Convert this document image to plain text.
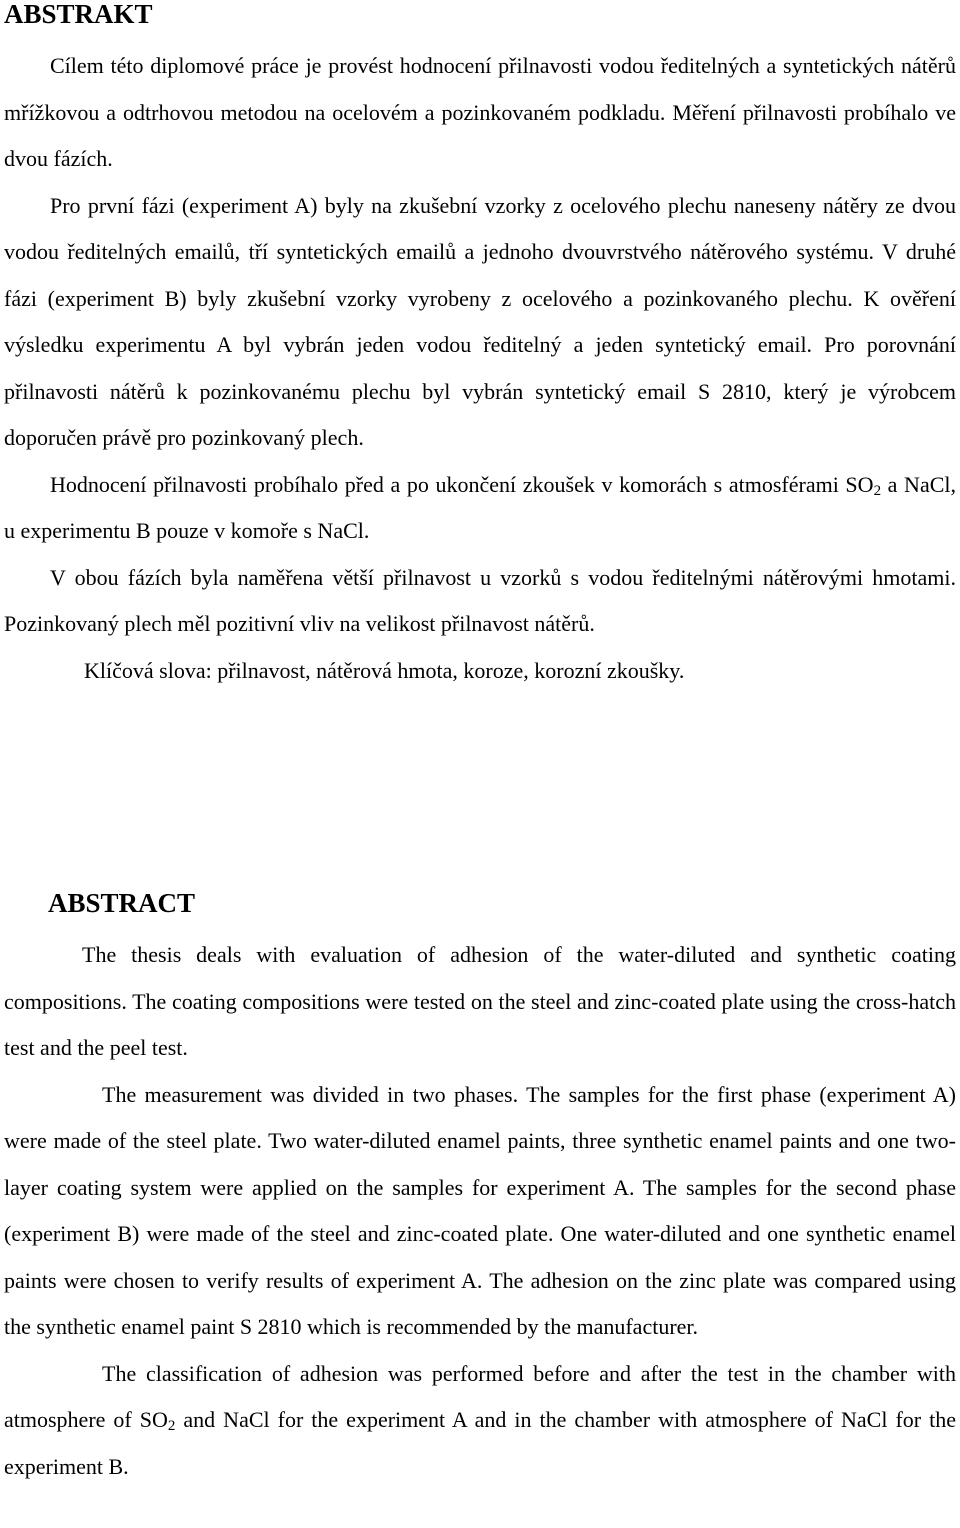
ABSTRAKT

Cílem této diplomové práce je provést hodnocení přilnavosti vodou ředitelných a syntetických nátěrů mřížkovou a odtrhovou metodou na ocelovém a pozinkovaném podkladu. Měření přilnavosti probíhalo ve dvou fázích.

Pro první fázi (experiment A) byly na zkušební vzorky z ocelového plechu naneseny nátěry ze dvou vodou ředitelných emailů, tří syntetických emailů a jednoho dvouvrstvého nátěrového systému. V druhé fázi (experiment B) byly zkušební vzorky vyrobeny z ocelového a pozinkovaného plechu. K ověření výsledku experimentu A byl vybrán jeden vodou ředitelný a jeden syntetický email. Pro porovnání přilnavosti nátěrů k pozinkovanému plechu byl vybrán syntetický email S 2810, který je výrobcem doporučen právě pro pozinkovaný plech.

Hodnocení přilnavosti probíhalo před a po ukončení zkoušek v komorách s atmosférami $SO_2$ a NaCl, u experimentu B pouze v komoře s NaCl.

V obou fázích byla naměřena větší přilnavost u vzorků s vodou ředitelnými nátěrovými hmotami. Pozinkovaný plech měl pozitivní vliv na velikost přilnavost nátěrů.

Klíčová slova: přilnavost, nátěrová hmota, koroze, korozní zkoušky.

ABSTRACT

The thesis deals with evaluation of adhesion of the water-diluted and synthetic coating compositions. The coating compositions were tested on the steel and zinc-coated plate using the cross-hatch test and the peel test.

The measurement was divided in two phases. The samples for the first phase (experiment A) were made of the steel plate. Two water-diluted enamel paints, three synthetic enamel paints and one two-layer coating system were applied on the samples for experiment A. The samples for the second phase (experiment B) were made of the steel and zinc-coated plate. One water-diluted and one synthetic enamel paints were chosen to verify results of experiment A. The adhesion on the zinc plate was compared using the synthetic enamel paint S 2810 which is recommended by the manufacturer.

The classification of adhesion was performed before and after the test in the chamber with atmosphere of $SO_2$ and NaCl for the experiment A and in the chamber with atmosphere of NaCl for the experiment B.
